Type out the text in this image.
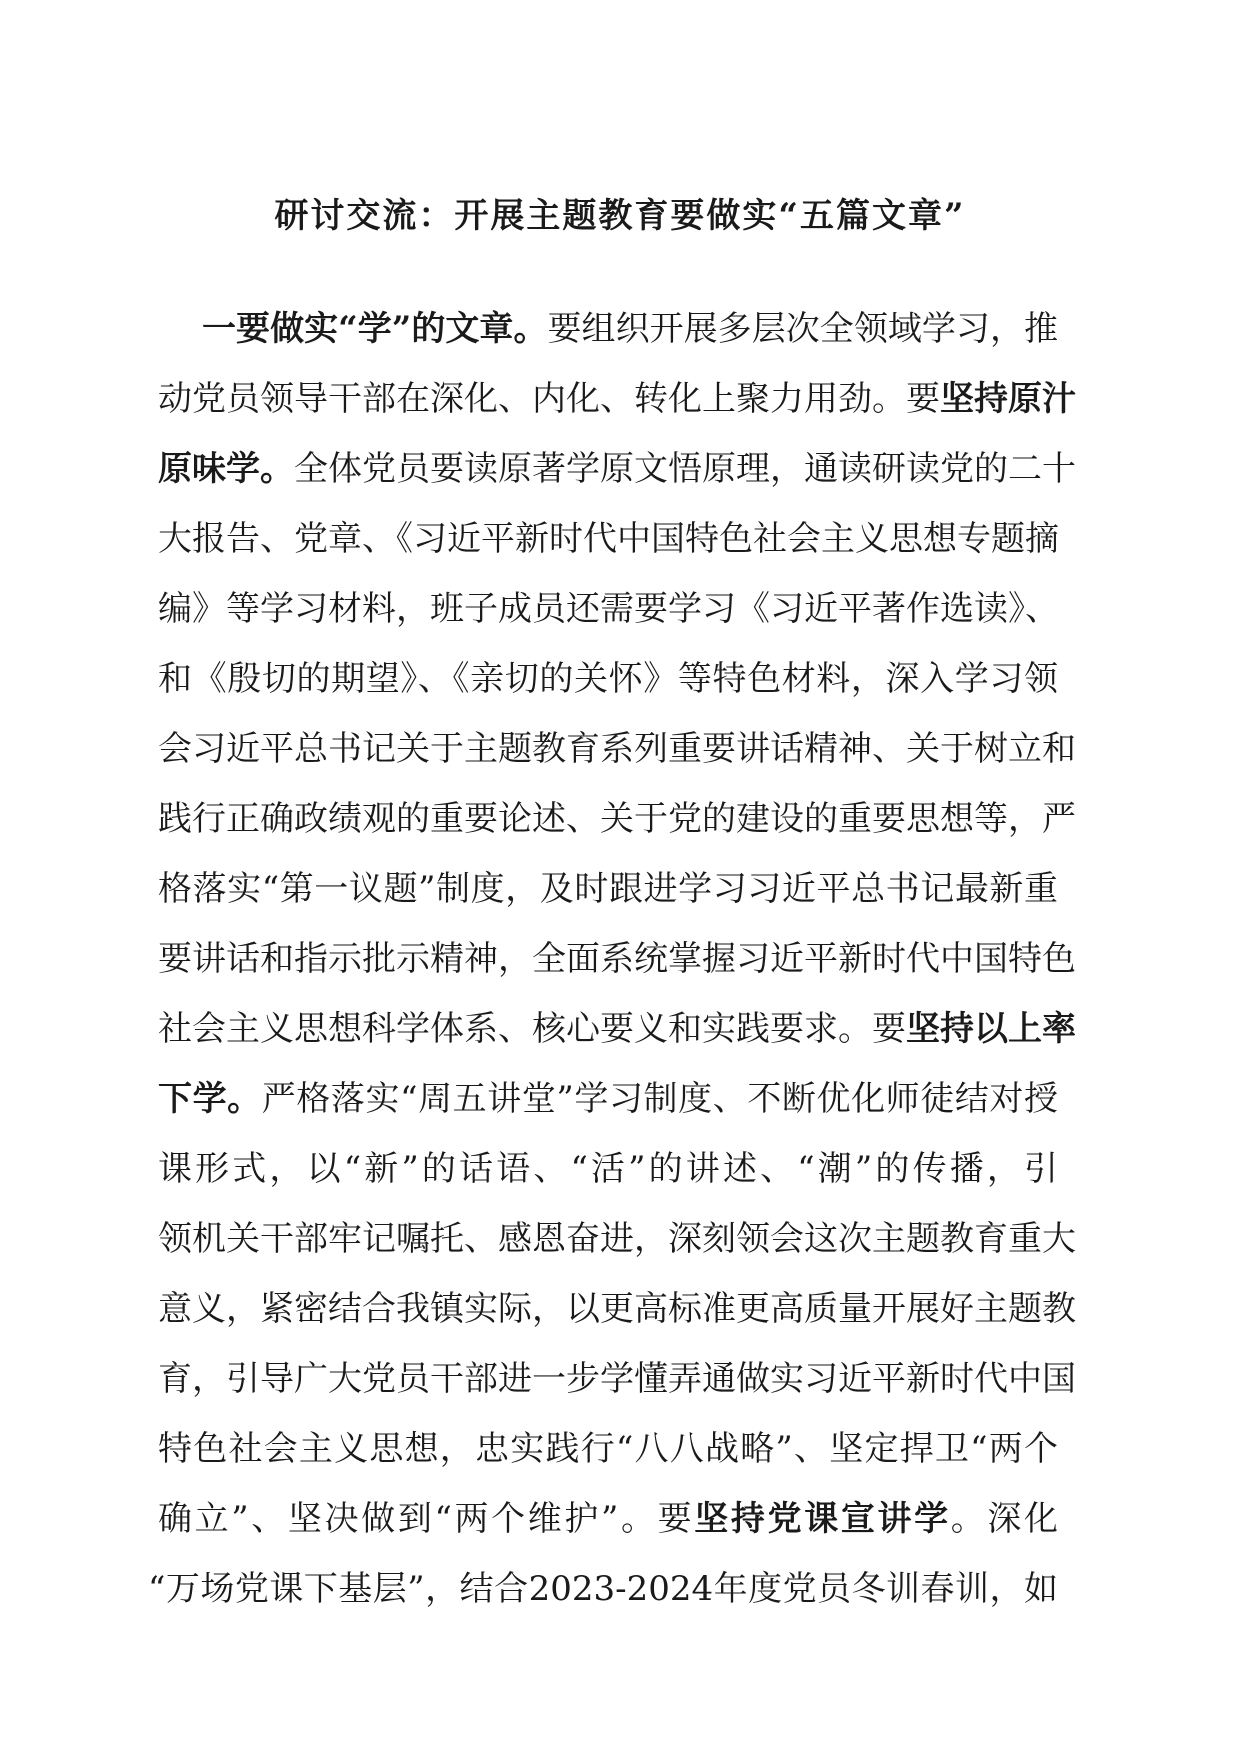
研讨交流：开展主题教育要做实“五篇文章”
一要做实“学”的文章。要组织开展多层次全领域学习，推
动党员领导干部在深化、内化、转化上聚力用劲。要坚持原汁
原味学。全体党员要读原著学原文悟原理，通读研读党的二十
大报告、党章、《习近平新时代中国特色社会主义思想专题摘
编》等学习材料，班子成员还需要学习《习近平著作选读》、
和《殷切的期望》、《亲切的关怀》等特色材料，深入学习领
会习近平总书记关于主题教育系列重要讲话精神、关于树立和
践行正确政绩观的重要论述、关于党的建设的重要思想等，严
格落实“第一议题”制度，及时跟进学习习近平总书记最新重
要讲话和指示批示精神，全面系统掌握习近平新时代中国特色
社会主义思想科学体系、核心要义和实践要求。要坚持以上率
下学。严格落实“周五讲堂”学习制度、不断优化师徒结对授
课形式，以“新”的话语、“活”的讲述、“潮”的传播，引
领机关干部牢记嘱托、感恩奋进，深刻领会这次主题教育重大
意义，紧密结合我镇实际，以更高标准更高质量开展好主题教
育，引导广大党员干部进一步学懂弄通做实习近平新时代中国
特色社会主义思想，忠实践行“八八战略”、坚定捍卫“两个
确立”、坚决做到“两个维护”。要坚持党课宣讲学。深化
“万场党课下基层”，结合2023-2024年度党员冬训春训，如
